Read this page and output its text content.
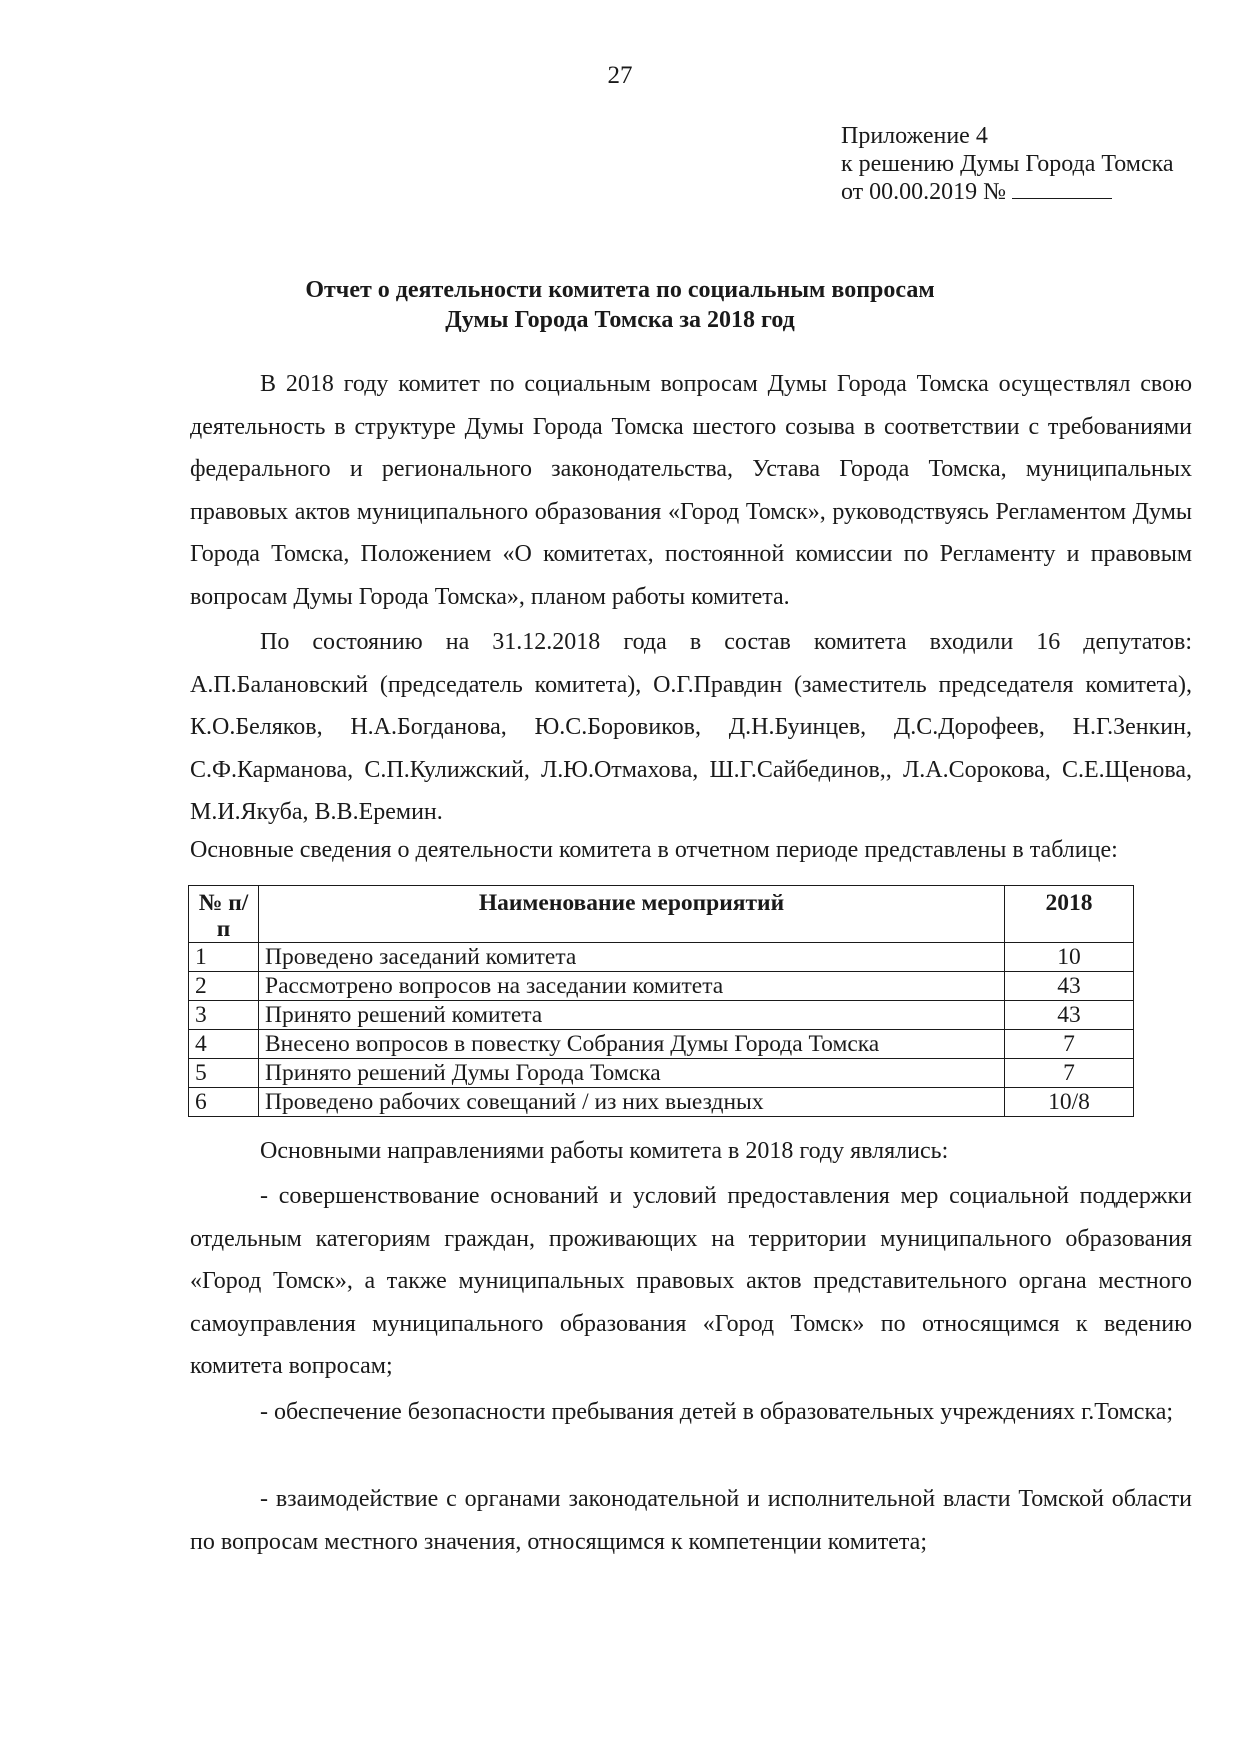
27
Приложение 4
к решению Думы Города Томска
от 00.00.2019 №
Отчет о деятельности комитета по социальным вопросам
Думы Города Томска за 2018 год
В 2018 году комитет по социальным вопросам Думы Города Томска осуществлял свою деятельность в структуре Думы Города Томска шестого созыва в соответствии с требованиями федерального и регионального законодательства, Устава Города Томска, муниципальных правовых актов муниципального образования «Город Томск», руководствуясь Регламентом Думы Города Томска, Положением «О комитетах, постоянной комиссии по Регламенту и правовым вопросам Думы Города Томска», планом работы комитета.
По состоянию на 31.12.2018 года в состав комитета входили 16 депутатов: А.П.Балановский (председатель комитета), О.Г.Правдин (заместитель председателя комитета), К.О.Беляков, Н.А.Богданова, Ю.С.Боровиков, Д.Н.Буинцев, Д.С.Дорофеев, Н.Г.Зенкин, С.Ф.Карманова, С.П.Кулижский, Л.Ю.Отмахова, Ш.Г.Сайбединов,, Л.А.Сорокова, С.Е.Щенова, М.И.Якуба, В.В.Еремин.
Основные сведения о деятельности комитета в отчетном периоде представлены в таблице:
№ п/п	Наименование мероприятий	2018
1	Проведено заседаний комитета	10
2	Рассмотрено вопросов на заседании комитета	43
3	Принято решений комитета	43
4	Внесено вопросов в повестку Собрания Думы Города Томска	7
5	Принято решений Думы Города Томска	7
6	Проведено рабочих совещаний / из них выездных	10/8
Основными направлениями работы комитета в 2018 году являлись:
- совершенствование оснований и условий предоставления мер социальной поддержки отдельным категориям граждан, проживающих на территории муниципального образования «Город Томск», а также муниципальных правовых актов представительного органа местного самоуправления муниципального образования «Город Томск» по относящимся к ведению комитета вопросам;
- обеспечение безопасности пребывания детей в образовательных учреждениях г.Томска;
- взаимодействие с органами законодательной и исполнительной власти Томской области по вопросам местного значения, относящимся к компетенции комитета;
